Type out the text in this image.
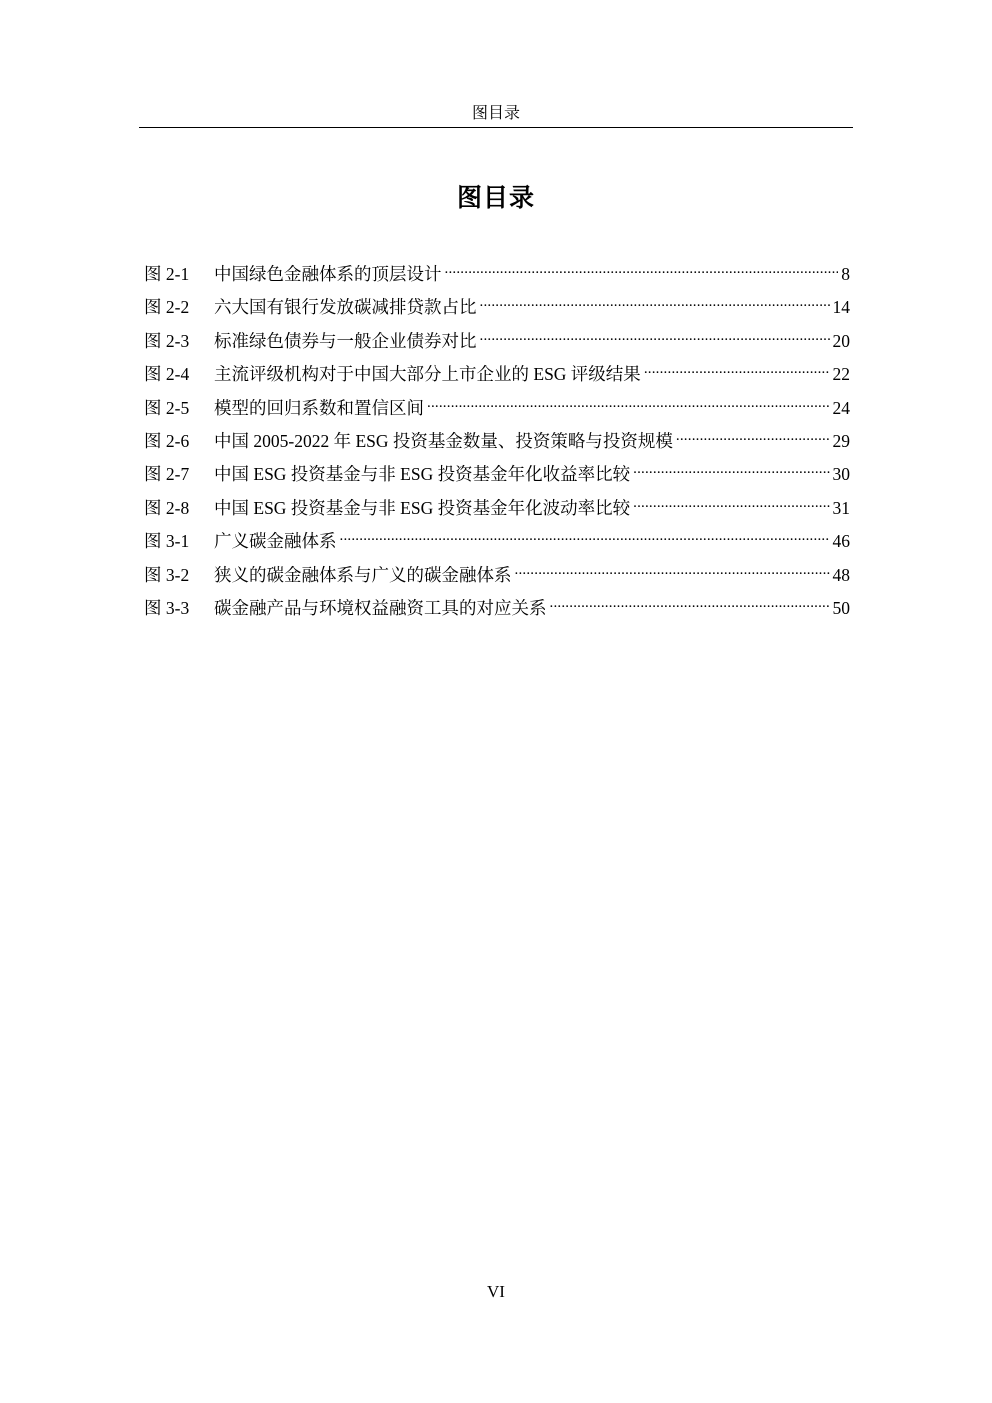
图目录
图目录
图 2-1	中国绿色金融体系的顶层设计 .....	8
图 2-2	六大国有银行发放碳减排贷款占比 .....	14
图 2-3	标准绿色债券与一般企业债券对比 .....	20
图 2-4	主流评级机构对于中国大部分上市企业的 ESG 评级结果 .....	22
图 2-5	模型的回归系数和置信区间 .....	24
图 2-6	中国 2005-2022 年 ESG 投资基金数量、投资策略与投资规模 .....	29
图 2-7	中国 ESG 投资基金与非 ESG 投资基金年化收益率比较 .....	30
图 2-8	中国 ESG 投资基金与非 ESG 投资基金年化波动率比较 .....	31
图 3-1	广义碳金融体系 .....	46
图 3-2	狭义的碳金融体系与广义的碳金融体系 .....	48
图 3-3	碳金融产品与环境权益融资工具的对应关系 .....	50
VI
